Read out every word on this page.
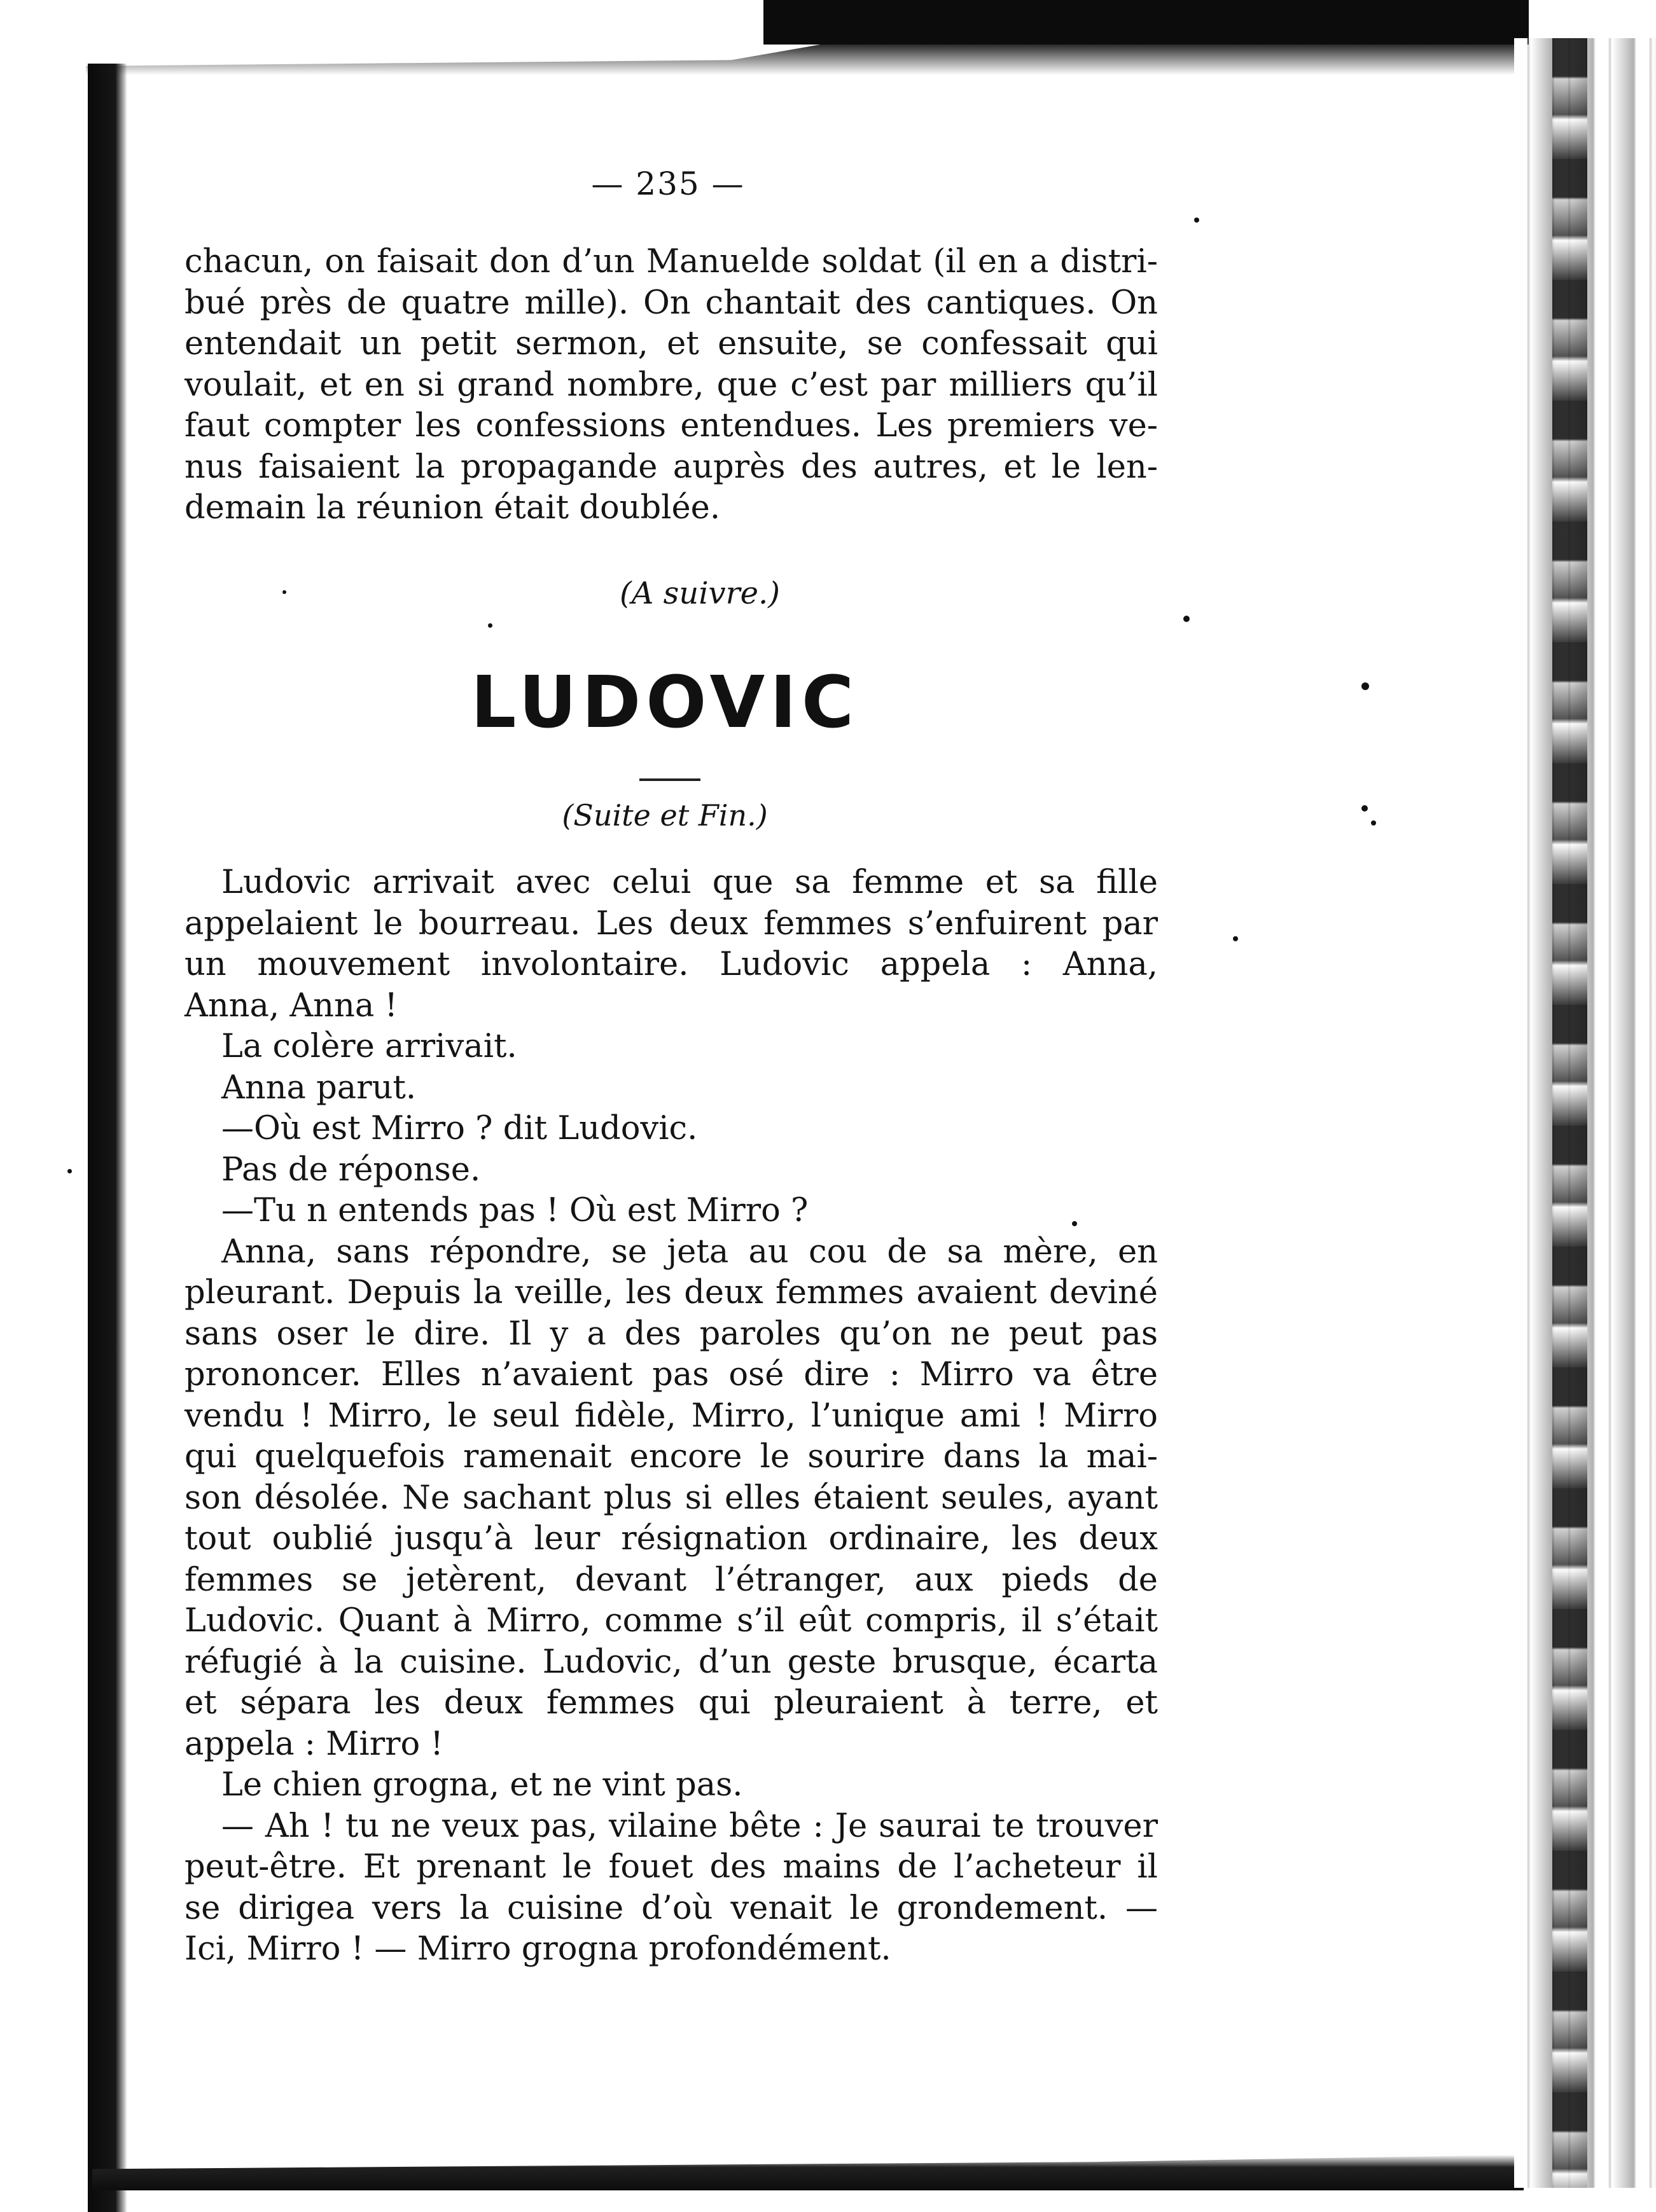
— 235 —
chacun, on faisait don d’un Manuelde soldat (il en a distri-
bué près de quatre mille). On chantait des cantiques. On
entendait un petit sermon, et ensuite, se confessait qui
voulait, et en si grand nombre, que c’est par milliers qu’il
faut compter les confessions entendues. Les premiers ve-
nus faisaient la propagande auprès des autres, et le len-
demain la réunion était doublée.
(A suivre.)
LUDOVIC
(Suite et Fin.)
Ludovic arrivait avec celui que sa femme et sa fille
appelaient le bourreau. Les deux femmes s’enfuirent par
un mouvement involontaire. Ludovic appela : Anna,
Anna, Anna !
La colère arrivait.
Anna parut.
—Où est Mirro ? dit Ludovic.
Pas de réponse.
—Tu n entends pas ! Où est Mirro ?
Anna, sans répondre, se jeta au cou de sa mère, en
pleurant. Depuis la veille, les deux femmes avaient deviné
sans oser le dire. Il y a des paroles qu’on ne peut pas
prononcer. Elles n’avaient pas osé dire : Mirro va être
vendu ! Mirro, le seul fidèle, Mirro, l’unique ami ! Mirro
qui quelquefois ramenait encore le sourire dans la mai-
son désolée. Ne sachant plus si elles étaient seules, ayant
tout oublié jusqu’à leur résignation ordinaire, les deux
femmes se jetèrent, devant l’étranger, aux pieds de
Ludovic. Quant à Mirro, comme s’il eût compris, il s’était
réfugié à la cuisine. Ludovic, d’un geste brusque, écarta
et sépara les deux femmes qui pleuraient à terre, et
appela : Mirro !
Le chien grogna, et ne vint pas.
— Ah ! tu ne veux pas, vilaine bête : Je saurai te trouver
peut-être. Et prenant le fouet des mains de l’acheteur il
se dirigea vers la cuisine d’où venait le grondement. —
Ici, Mirro ! — Mirro grogna profondément.
